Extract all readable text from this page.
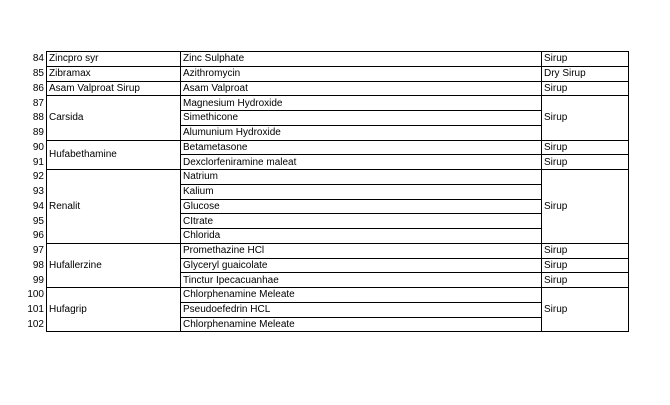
84	Zincpro syr	Zinc Sulphate	Sirup
85	Zibramax	Azithromycin	Dry Sirup
86	Asam Valproat Sirup	Asam Valproat	Sirup
87	Carsida	Magnesium Hydroxide	Sirup
88		Simethicone	
89		Alumunium Hydroxide	
90	Hufabethamine	Betametasone	Sirup
91		Dexclorfeniramine maleat	Sirup
92	Renalit	Natrium	Sirup
93		Kalium	
94		Glucose	
95		CItrate	
96		Chlorida	
97	Hufallerzine	Promethazine HCl	Sirup
98		Glyceryl guaicolate	Sirup
99		Tinctur Ipecacuanhae	Sirup
100	Hufagrip	Chlorphenamine Meleate	Sirup
101		Pseudoefedrin HCL	
102		Chlorphenamine Meleate	
